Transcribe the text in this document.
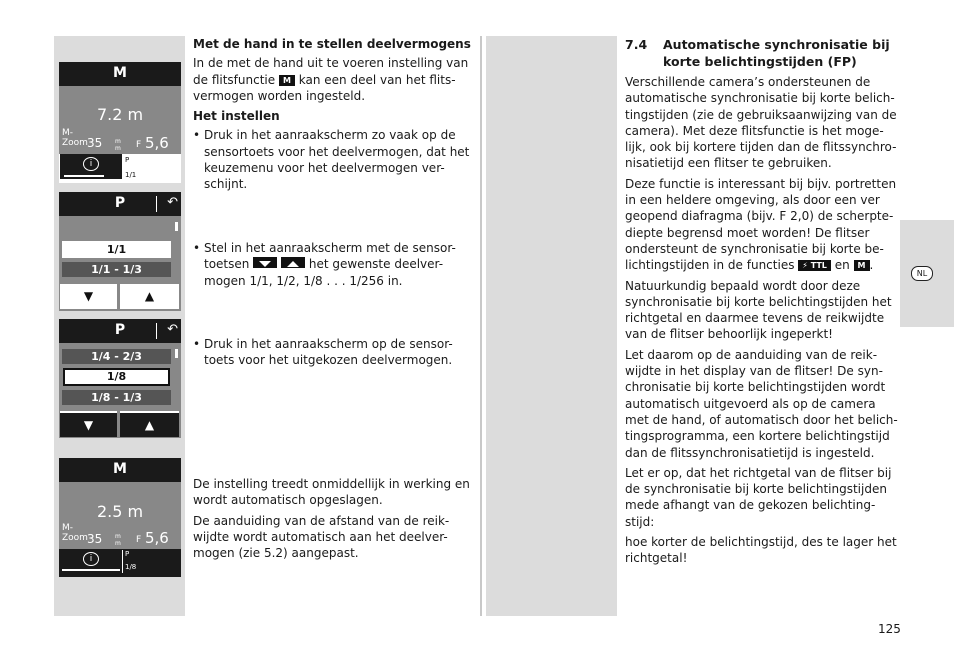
M
7.2 m
M-
Zoom 35 m
m F 5,6
i	P
1/1
P	↶
1/1
1/1 - 1/3
▼	▲
P	↶
1/4 - 2/3
1/8
1/8 - 1/3
▼	▲
M
2.5 m
M-
Zoom 35 m
m F 5,6
i	P
1/8

Met de hand in te stellen deelvermogens

In de met de hand uit te voeren instelling van de flitsfunctie M kan een deel van het flits-vermogen worden ingesteld.

Het instellen

• Druk in het aanraakscherm zo vaak op de sensortoets voor het deelvermogen, dat het keuzemenu voor het deelvermogen ver-schijnt.
• Stel in het aanraakscherm met de sensor-toetsen	het gewenste deelver-mogen 1/1, 1/2, 1/8 . . . 1/256 in.
• Druk in het aanraakscherm op de sensor-toets voor het uitgekozen deelvermogen.

De instelling treedt onmiddellijk in werking en wordt automatisch opgeslagen.

De aanduiding van de afstand van de reik-wijdte wordt automatisch aan het deelver-mogen (zie 5.2) aangepast.

7.4 Automatische synchronisatie bij
korte belichtingstijden (FP)

Verschillende camera’s ondersteunen de automatische synchronisatie bij korte belich-tingstijden (zie de gebruiksaanwijzing van de camera). Met deze flitsfunctie is het moge-lijk, ook bij kortere tijden dan de flitssynchro-nisatietijd een flitser te gebruiken.

Deze functie is interessant bij bijv. portretten in een heldere omgeving, als door een ver geopend diafragma (bijv. F 2,0) de scherpte-diepte begrensd moet worden! De flitser ondersteunt de synchronisatie bij korte be-lichtingstijden in de functies ⚡ TTL en M .

Natuurkundig bepaald wordt door deze synchronisatie bij korte belichtingstijden het richtgetal en daarmee tevens de reikwijdte van de flitser behoorlijk ingeperkt!

Let daarom op de aanduiding van de reik-wijdte in het display van de flitser! De syn-chronisatie bij korte belichtingstijden wordt automatisch uitgevoerd als op de camera met de hand, of automatisch door het belich-tingsprogramma, een kortere belichtingstijd dan de flitssynchronisatietijd is ingesteld.

Let er op, dat het richtgetal van de flitser bij de synchronisatie bij korte belichtingstijden mede afhangt van de gekozen belichting-stijd:

hoe korter de belichtingstijd, des te lager het richtgetal!

NL
125
